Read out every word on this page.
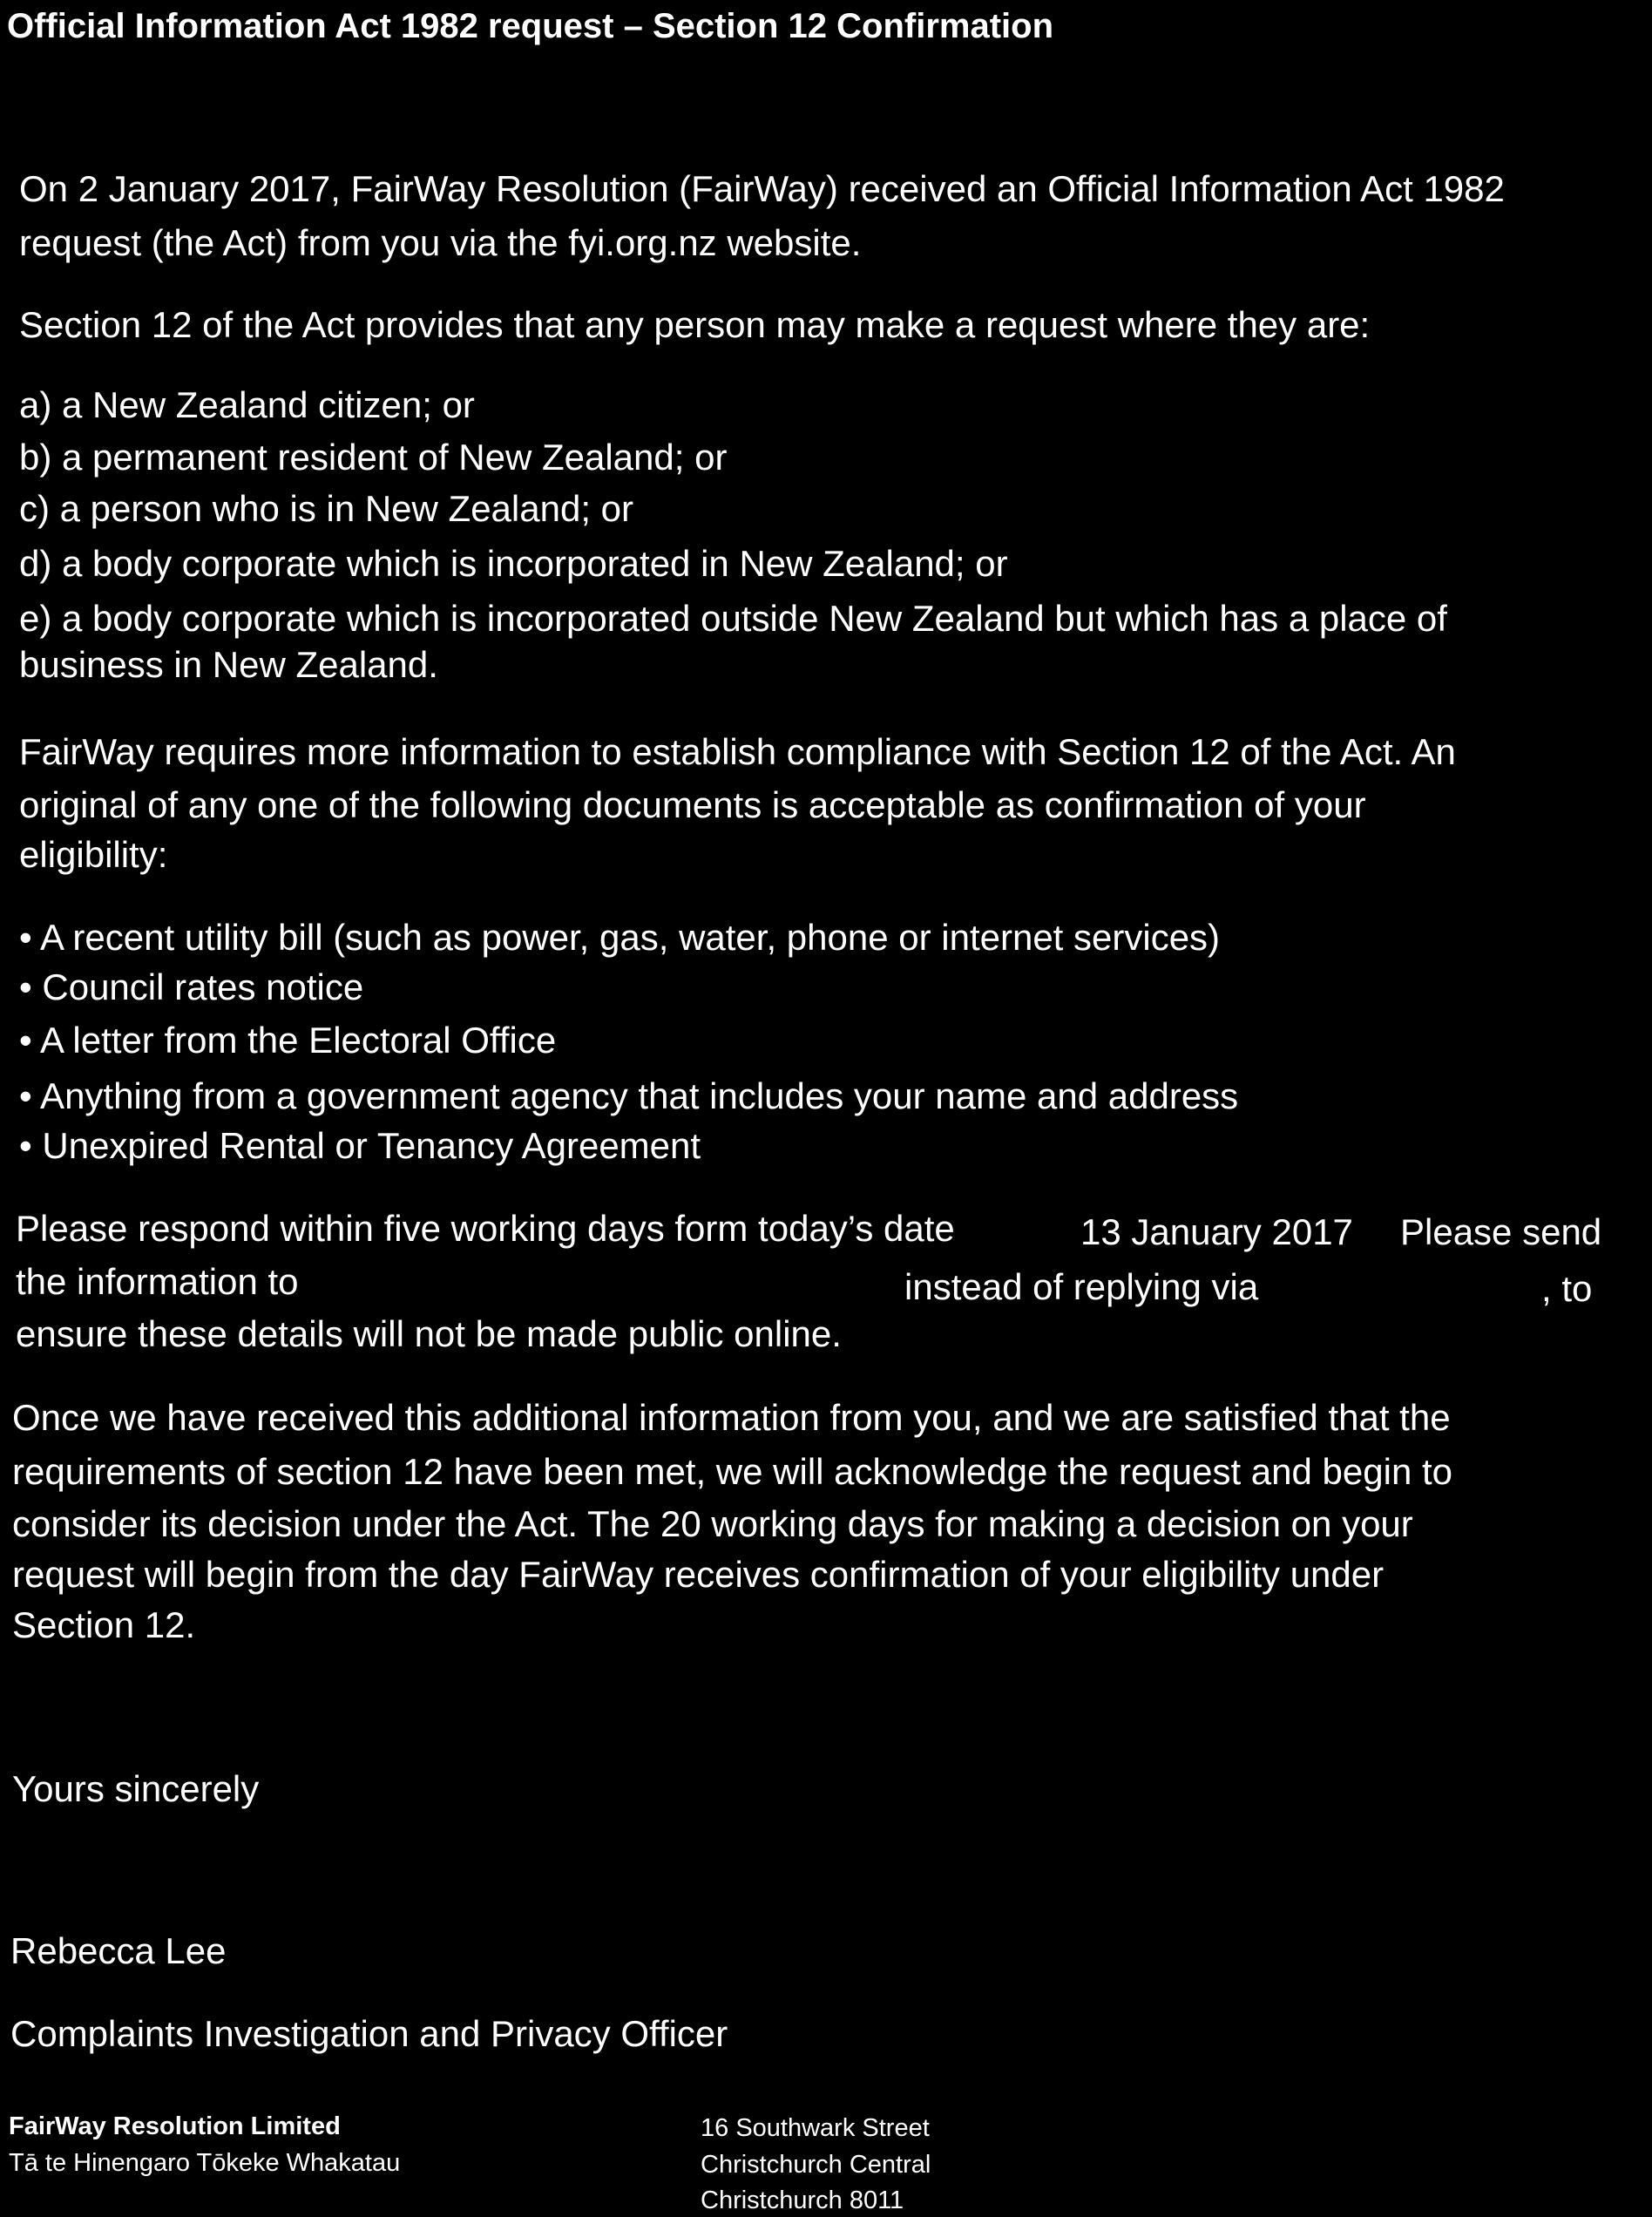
Official Information Act 1982 request – Section 12 Confirmation
On 2 January 2017, FairWay Resolution (FairWay) received an Official Information Act 1982
request (the Act) from you via the fyi.org.nz website.
Section 12 of the Act provides that any person may make a request where they are:
a) a New Zealand citizen; or
b) a permanent resident of New Zealand; or
c) a person who is in New Zealand; or
d) a body corporate which is incorporated in New Zealand; or
e) a body corporate which is incorporated outside New Zealand but which has a place of
business in New Zealand.
FairWay requires more information to establish compliance with Section 12 of the Act. An
original of any one of the following documents is acceptable as confirmation of your
eligibility:
• A recent utility bill (such as power, gas, water, phone or internet services)
• Council rates notice
• A letter from the Electoral Office
• Anything from a government agency that includes your name and address
• Unexpired Rental or Tenancy Agreement
Please respond within five working days form today’s date	13 January 2017 Please send
the information to	instead of replying via	, to
ensure these details will not be made public online.
Once we have received this additional information from you, and we are satisfied that the
requirements of section 12 have been met, we will acknowledge the request and begin to
consider its decision under the Act. The 20 working days for making a decision on your
request will begin from the day FairWay receives confirmation of your eligibility under
Section 12.
Yours sincerely
Rebecca Lee
Complaints Investigation and Privacy Officer
FairWay Resolution Limited
Tā te Hinengaro Tōkeke Whakatau
16 Southwark Street
Christchurch Central
Christchurch 8011
